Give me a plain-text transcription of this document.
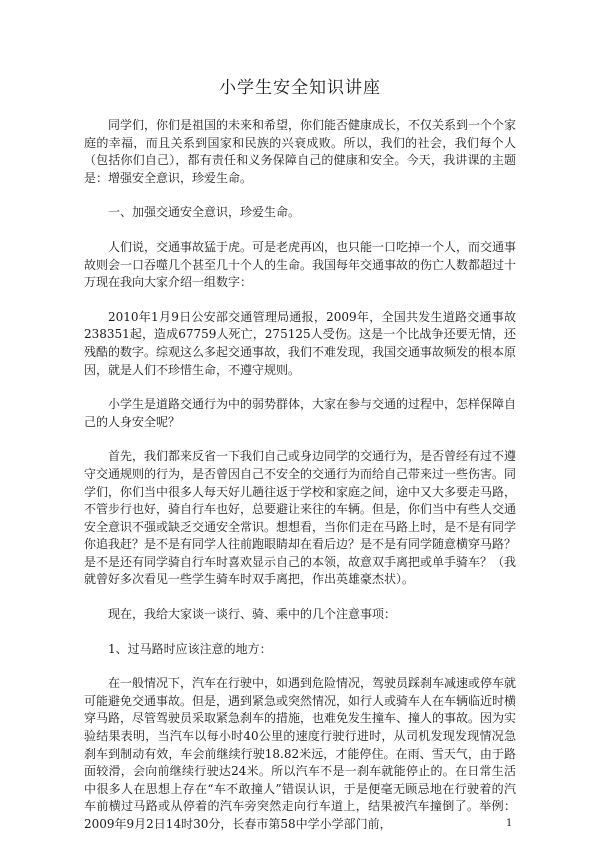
小学生安全知识讲座

同学们，你们是祖国的未来和希望，你们能否健康成长，不仅关系到一个个家庭的幸福，而且关系到国家和民族的兴衰成败。所以，我们的社会，我们每个人（包括你们自己），都有责任和义务保障自己的健康和安全。今天，我讲课的主题是：增强安全意识，珍爱生命。

一、加强交通安全意识，珍爱生命。

人们说，交通事故猛于虎。可是老虎再凶，也只能一口吃掉一个人，而交通事故则会一口吞噬几个甚至几十个人的生命。我国每年交通事故的伤亡人数都超过十万现在我向大家介绍一组数字：

2010年1月9日公安部交通管理局通报，2009年，全国共发生道路交通事故238351起，造成67759人死亡，275125人受伤。这是一个比战争还要无情，还残酷的数字。综观这么多起交通事故，我们不难发现，我国交通事故频发的根本原因，就是人们不珍惜生命，不遵守规则。

小学生是道路交通行为中的弱势群体，大家在参与交通的过程中，怎样保障自己的人身安全呢？

首先，我们都来反省一下我们自己或身边同学的交通行为，是否曾经有过不遵守交通规则的行为，是否曾因自己不安全的交通行为而给自己带来过一些伤害。同学们，你们当中很多人每天好儿趟往返于学校和家庭之间，途中又大多要走马路，不管步行也好，骑自行车也好，总要避让来往的车辆。但是，你们当中有些人交通安全意识不强或缺乏交通安全常识。想想看，当你们走在马路上时，是不是有同学你追我赶？是不是有同学人往前跑眼睛却在看后边？是不是有同学随意横穿马路？是不是还有同学骑自行车时喜欢显示自己的本领，故意双手离把或单手骑车？（我就曾好多次看见一些学生骑车时双手离把，作出英雄豪杰状）。

现在，我给大家谈一谈行、骑、乘中的几个注意事项：

1、过马路时应该注意的地方：

在一般情况下，汽车在行驶中，如遇到危险情况，驾驶员踩刹车减速或停车就可能避免交通事故。但是，遇到紧急或突然情况，如行人或骑车人在车辆临近时横穿马路，尽管驾驶员采取紧急刹车的措施，也难免发生撞车、撞人的事故。因为实验结果表明，当汽车以每小时40公里的速度行驶行进时，从司机发现发现情况急刹车到制动有效，车会前继续行驶18.82米远，才能停住。在雨、雪天气，由于路面较滑，会向前继续行驶达24米。所以汽车不是一刹车就能停止的。在日常生活中很多人在思想上存在“车不敢撞人”错误认识，于是便毫无顾忌地在行驶着的汽车前横过马路或从停着的汽车旁突然走向行车道上，结果被汽车撞倒了。举例：2009年9月2日14时30分，长春市第58中学小学部门前，	1
